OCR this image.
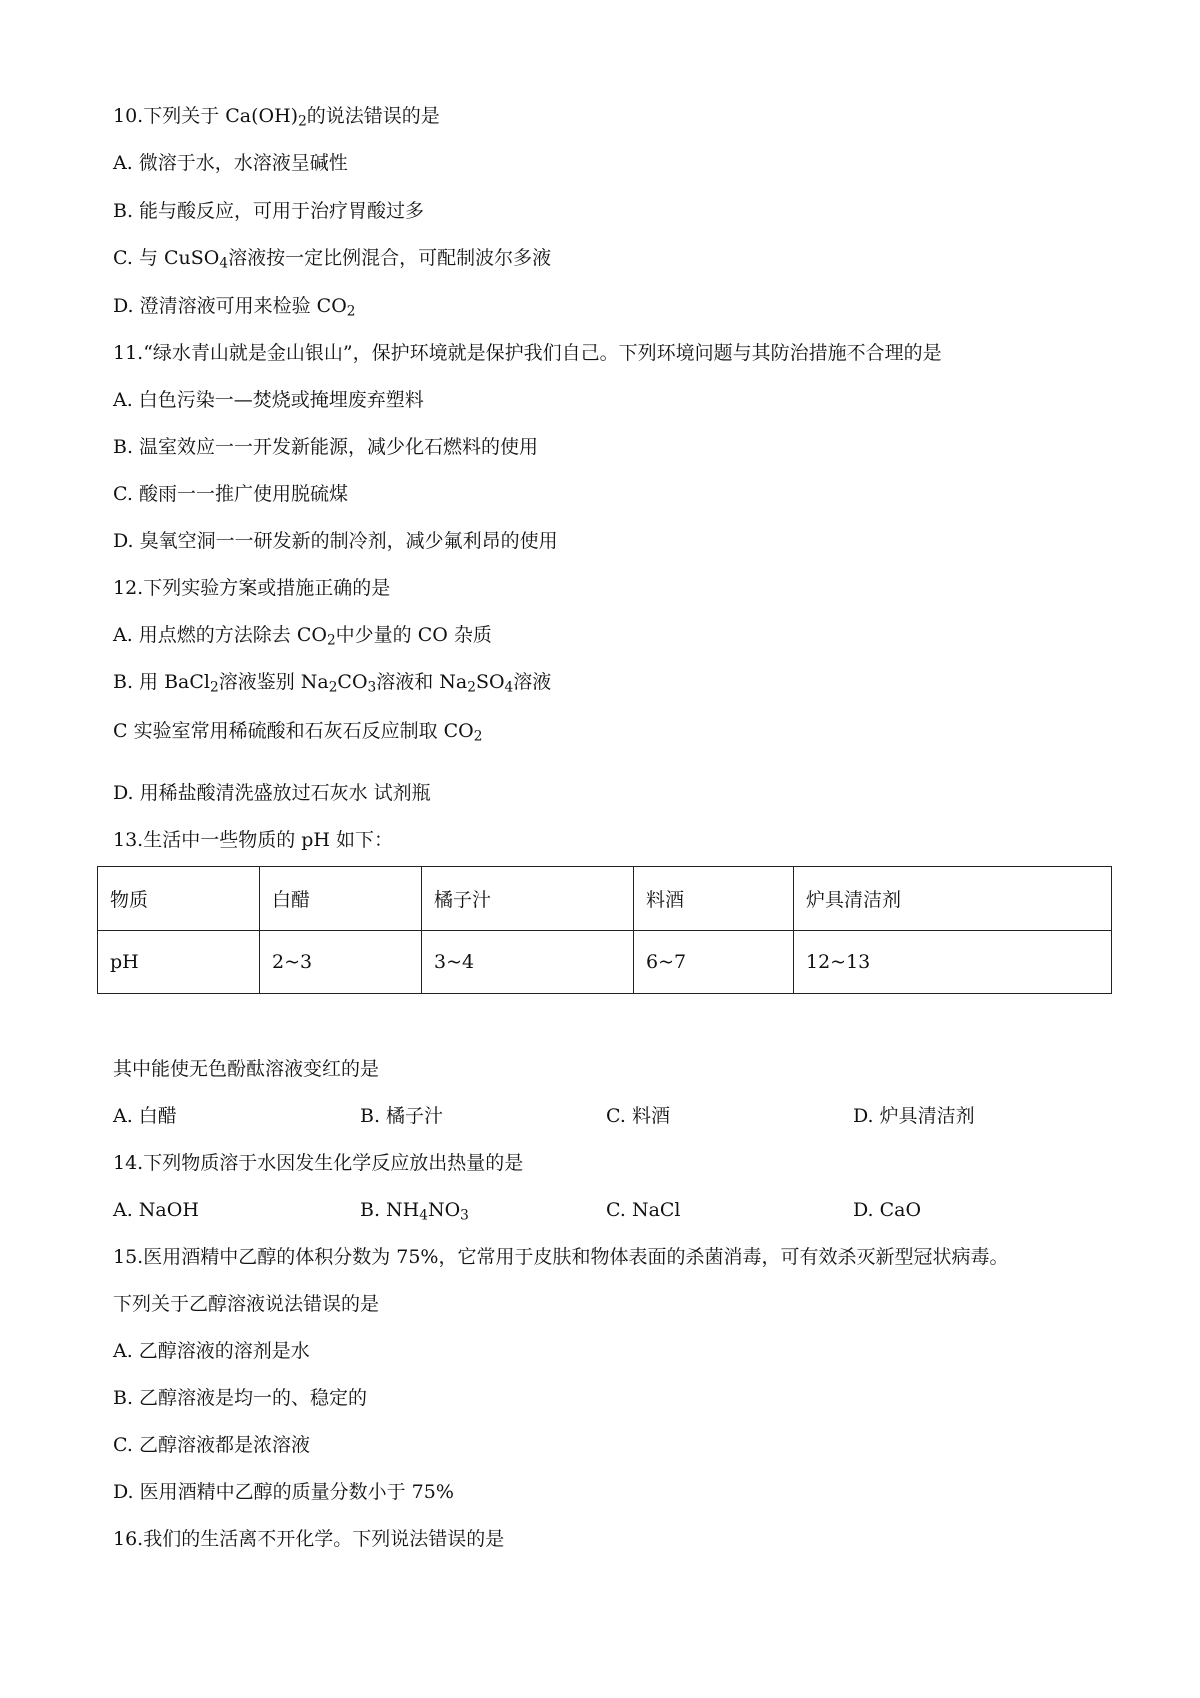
10.下列关于 $Ca(OH)_2$的说法错误的是
A. 微溶于水，水溶液呈碱性
B. 能与酸反应，可用于治疗胃酸过多
C. 与 CuSO$_4$溶液按一定比例混合，可配制波尔多液
D. 澄清溶液可用来检验 $CO_2$
11.“绿水青山就是金山银山”，保护环境就是保护我们自己。下列环境问题与其防治措施不合理的是
A. 白色污染一—焚烧或掩埋废弃塑料
B. 温室效应一一开发新能源，减少化石燃料的使用
C. 酸雨一一推广使用脱硫煤
D. 臭氧空洞一一研发新的制冷剂，减少氟利昂的使用
12.下列实验方案或措施正确的是
A. 用点燃的方法除去 $CO_2$中少量的 CO 杂质
B. 用 BaCl$_2$溶液鉴别 $Na_2CO_3$溶液和 $Na_2SO_4$溶液
C 实验室常用稀硫酸和石灰石反应制取 $CO_2$
D. 用稀盐酸清洗盛放过石灰水 试剂瓶
13.生活中一些物质的 pH 如下：
物质	白醋	橘子汁	料酒	炉具清洁剂
pH	2~3	3~4	6~7	12~13
其中能使无色酚酞溶液变红的是
A. 白醋	B. 橘子汁	C. 料酒	D. 炉具清洁剂
14.下列物质溶于水因发生化学反应放出热量的是
A. NaOH	B. $NH_4NO_3$	C. NaCl	D. CaO
15.医用酒精中乙醇的体积分数为 75%，它常用于皮肤和物体表面的杀菌消毒，可有效杀灭新型冠状病毒。
下列关于乙醇溶液说法错误的是
A. 乙醇溶液的溶剂是水
B. 乙醇溶液是均一的、稳定的
C. 乙醇溶液都是浓溶液
D. 医用酒精中乙醇的质量分数小于 75%
16.我们的生活离不开化学。下列说法错误的是
